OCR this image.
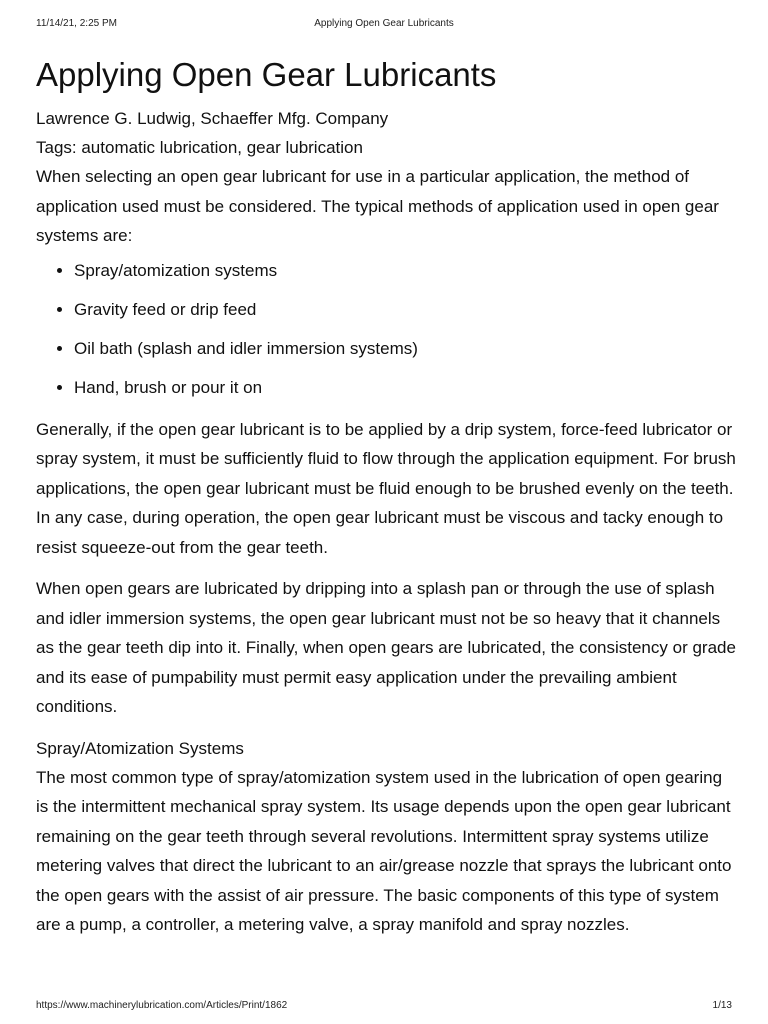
11/14/21, 2:25 PM	Applying Open Gear Lubricants
Applying Open Gear Lubricants
Lawrence G. Ludwig, Schaeffer Mfg. Company
Tags: automatic lubrication, gear lubrication

When selecting an open gear lubricant for use in a particular application, the method of application used must be considered. The typical methods of application used in open gear systems are:

• Spray/atomization systems
• Gravity feed or drip feed
• Oil bath (splash and idler immersion systems)
• Hand, brush or pour it on

Generally, if the open gear lubricant is to be applied by a drip system, force-feed lubricator or spray system, it must be sufficiently fluid to flow through the application equipment. For brush applications, the open gear lubricant must be fluid enough to be brushed evenly on the teeth. In any case, during operation, the open gear lubricant must be viscous and tacky enough to resist squeeze-out from the gear teeth.

When open gears are lubricated by dripping into a splash pan or through the use of splash and idler immersion systems, the open gear lubricant must not be so heavy that it channels as the gear teeth dip into it. Finally, when open gears are lubricated, the consistency or grade and its ease of pumpability must permit easy application under the prevailing ambient conditions.

Spray/Atomization Systems

The most common type of spray/atomization system used in the lubrication of open gearing is the intermittent mechanical spray system. Its usage depends upon the open gear lubricant remaining on the gear teeth through several revolutions. Intermittent spray systems utilize metering valves that direct the lubricant to an air/grease nozzle that sprays the lubricant onto the open gears with the assist of air pressure. The basic components of this type of system are a pump, a controller, a metering valve, a spray manifold and spray nozzles.

https://www.machinerylubrication.com/Articles/Print/1862	1/13
